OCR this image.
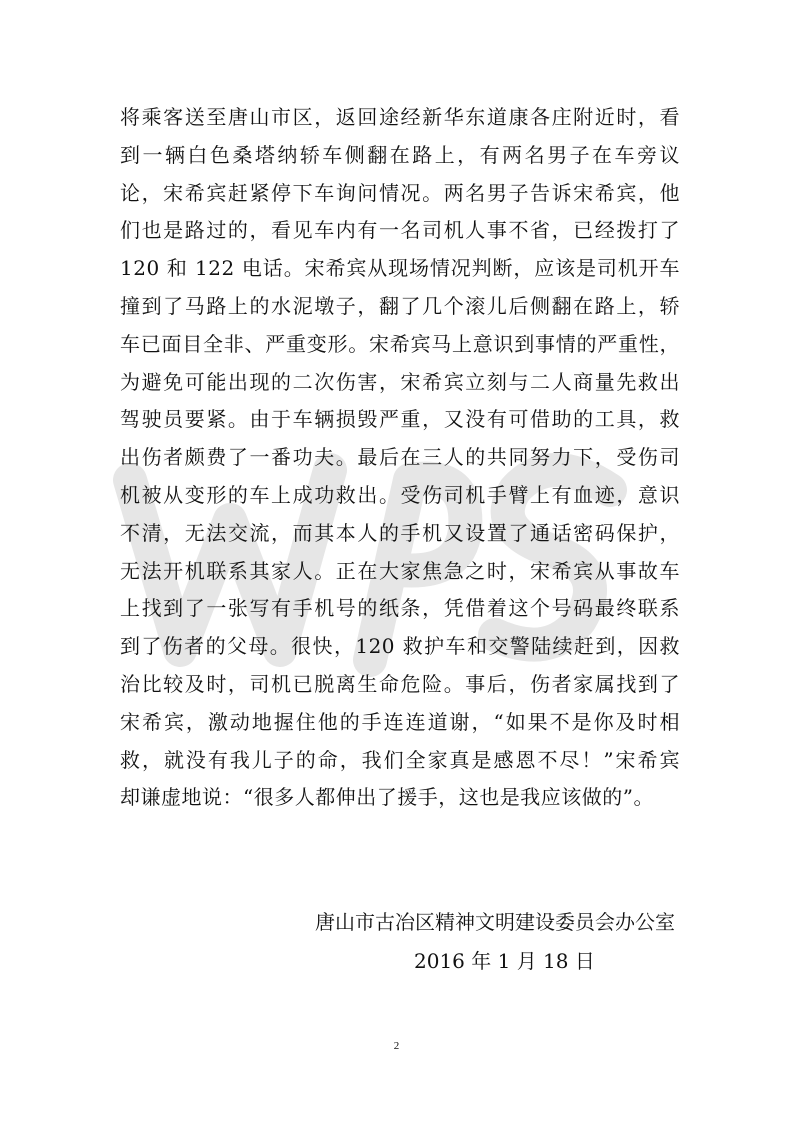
将乘客送至唐山市区，返回途经新华东道康各庄附近时，看
到一辆白色桑塔纳轿车侧翻在路上，有两名男子在车旁议
论，宋希宾赶紧停下车询问情况。两名男子告诉宋希宾，他
们也是路过的，看见车内有一名司机人事不省，已经拨打了
120 和 122 电话。宋希宾从现场情况判断，应该是司机开车
撞到了马路上的水泥墩子，翻了几个滚儿后侧翻在路上，轿
车已面目全非、严重变形。宋希宾马上意识到事情的严重性，
为避免可能出现的二次伤害，宋希宾立刻与二人商量先救出
驾驶员要紧。由于车辆损毁严重，又没有可借助的工具，救
出伤者颇费了一番功夫。最后在三人的共同努力下，受伤司
机被从变形的车上成功救出。受伤司机手臂上有血迹，意识
不清，无法交流，而其本人的手机又设置了通话密码保护，
无法开机联系其家人。正在大家焦急之时，宋希宾从事故车
上找到了一张写有手机号的纸条，凭借着这个号码最终联系
到了伤者的父母。很快，120 救护车和交警陆续赶到，因救
治比较及时，司机已脱离生命危险。事后，伤者家属找到了
宋希宾，激动地握住他的手连连道谢，“如果不是你及时相
救，就没有我儿子的命，我们全家真是感恩不尽！”宋希宾
却谦虚地说：“很多人都伸出了援手，这也是我应该做的”。
唐山市古冶区精神文明建设委员会办公室
2016 年 1 月 18 日
2
